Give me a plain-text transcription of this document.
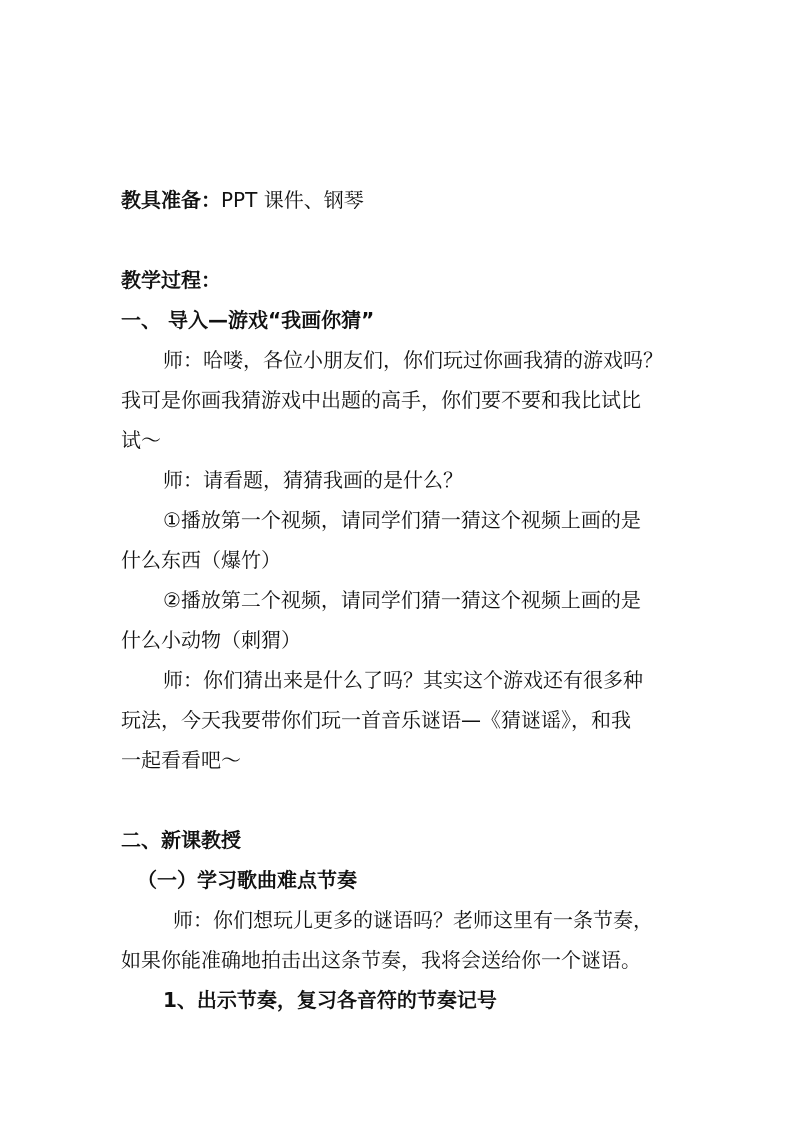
教具准备：PPT 课件、钢琴
教学过程：
一、 导入—游戏“我画你猜”
师：哈喽，各位小朋友们，你们玩过你画我猜的游戏吗？
我可是你画我猜游戏中出题的高手，你们要不要和我比试比
试～
师：请看题，猜猜我画的是什么？
①播放第一个视频，请同学们猜一猜这个视频上画的是
什么东西（爆竹）
②播放第二个视频，请同学们猜一猜这个视频上画的是
什么小动物（刺猬）
师：你们猜出来是什么了吗？其实这个游戏还有很多种
玩法，今天我要带你们玩一首音乐谜语—《猜谜谣》，和我
一起看看吧～
二、新课教授
（一）学习歌曲难点节奏
师：你们想玩儿更多的谜语吗？老师这里有一条节奏，
如果你能准确地拍击出这条节奏，我将会送给你一个谜语。
1、出示节奏，复习各音符的节奏记号
